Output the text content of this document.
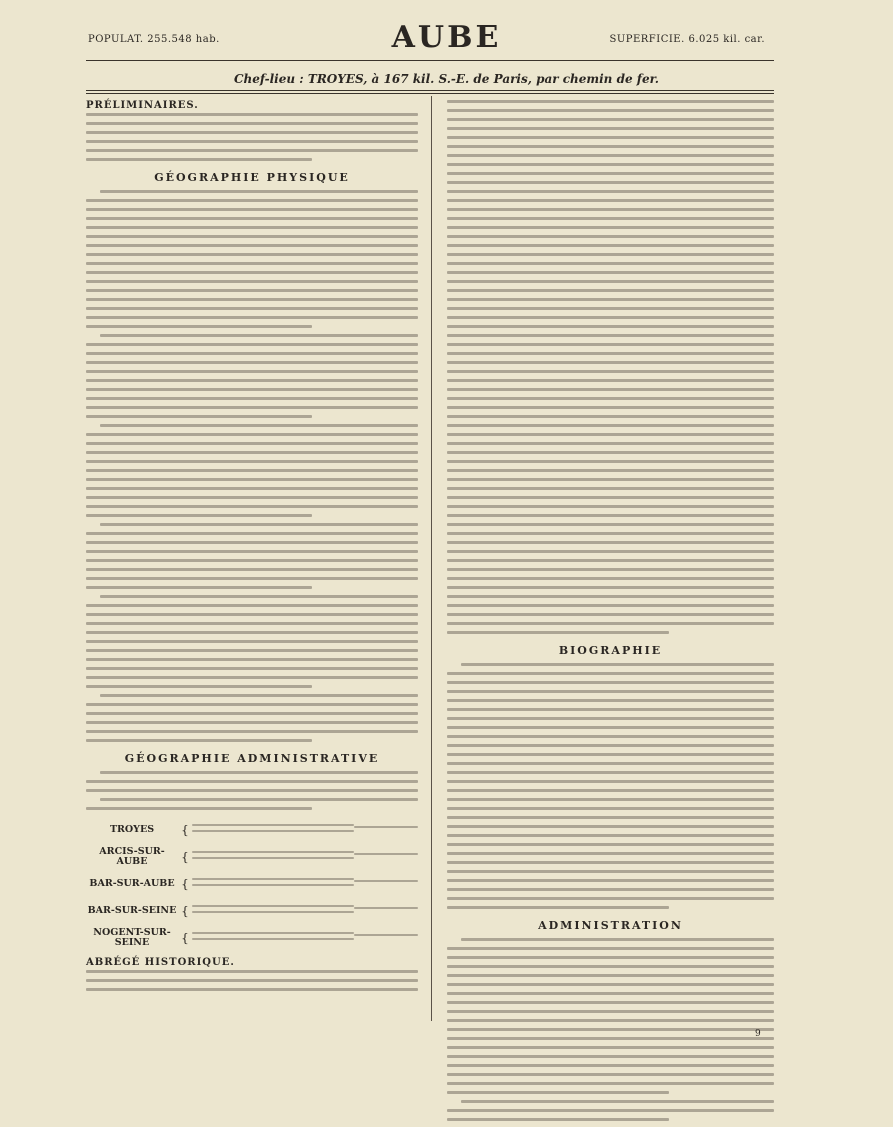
POPULAT. 255.548 hab.	AUBE	SUPERFICIE. 6.025 kil. car.
Chef-lieu : TROYES, à 167 kil. S.-E. de Paris, par chemin de fer.
PRÉLIMINAIRES.
GÉOGRAPHIE PHYSIQUE
GÉOGRAPHIE ADMINISTRATIVE
TROYES	{
ARCIS-SUR-AUBE	{
BAR-SUR-AUBE {
BAR-SUR-SEINE {
NOGENT-SUR-SEINE	{
ABRÉGÉ HISTORIQUE.
BIOGRAPHIE
ADMINISTRATION
9
